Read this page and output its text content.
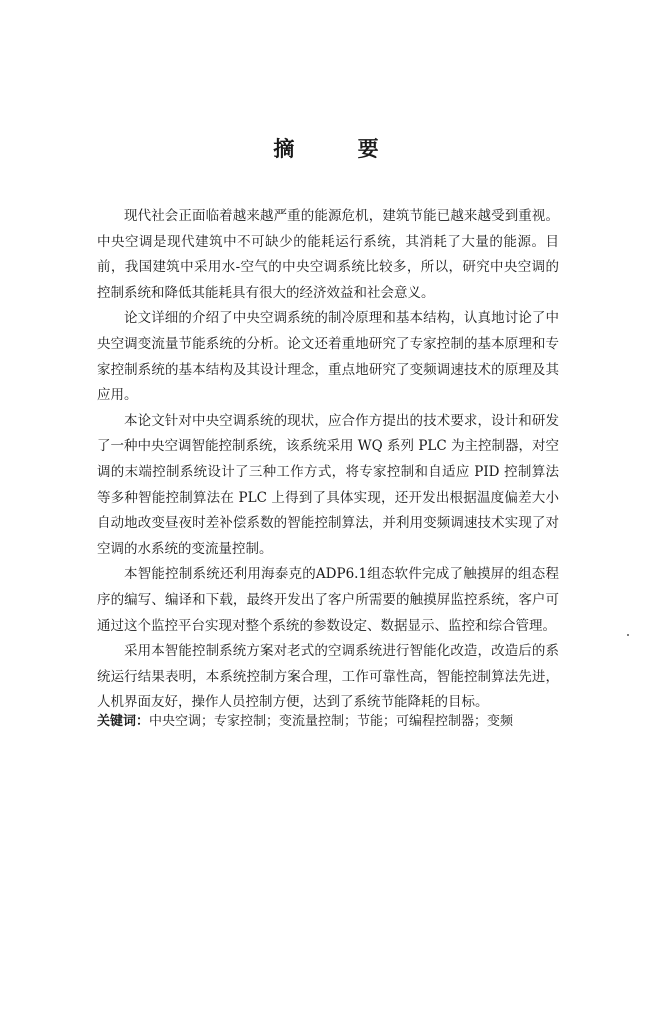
摘 要

现代社会正面临着越来越严重的能源危机，建筑节能已越来越受到重视。中央空调是现代建筑中不可缺少的能耗运行系统，其消耗了大量的能源。目前，我国建筑中采用水-空气的中央空调系统比较多，所以，研究中央空调的控制系统和降低其能耗具有很大的经济效益和社会意义。

论文详细的介绍了中央空调系统的制冷原理和基本结构，认真地讨论了中央空调变流量节能系统的分析。论文还着重地研究了专家控制的基本原理和专家控制系统的基本结构及其设计理念，重点地研究了变频调速技术的原理及其应用。

本论文针对中央空调系统的现状，应合作方提出的技术要求，设计和研发了一种中央空调智能控制系统，该系统采用 WQ 系列 PLC 为主控制器，对空调的末端控制系统设计了三种工作方式，将专家控制和自适应 PID 控制算法等多种智能控制算法在 PLC 上得到了具体实现，还开发出根据温度偏差大小自动地改变昼夜时差补偿系数的智能控制算法，并利用变频调速技术实现了对空调的水系统的变流量控制。

本智能控制系统还利用海泰克的ADP6.1组态软件完成了触摸屏的组态程序的编写、编译和下载，最终开发出了客户所需要的触摸屏监控系统，客户可通过这个监控平台实现对整个系统的参数设定、数据显示、监控和综合管理。

采用本智能控制系统方案对老式的空调系统进行智能化改造，改造后的系统运行结果表明，本系统控制方案合理，工作可靠性高，智能控制算法先进，人机界面友好，操作人员控制方便，达到了系统节能降耗的目标。

关键词：中央空调；专家控制；变流量控制；节能；可编程控制器；变频
